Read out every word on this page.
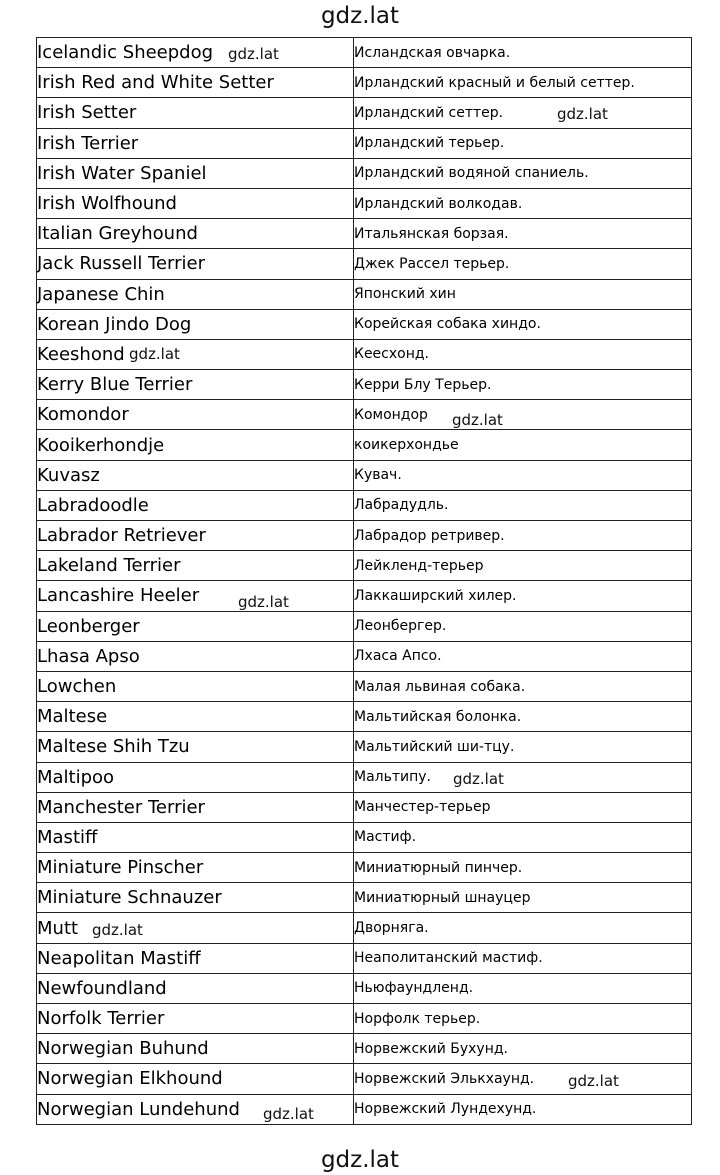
gdz.lat
Icelandic Sheepdog	Исландская овчарка.
Irish Red and White Setter	Ирландский красный и белый сеттер.
Irish Setter	Ирландский сеттер.
Irish Terrier	Ирландский терьер.
Irish Water Spaniel	Ирландский водяной спаниель.
Irish Wolfhound	Ирландский волкодав.
Italian Greyhound	Итальянская борзая.
Jack Russell Terrier	Джек Рассел терьер.
Japanese Chin	Японский хин
Korean Jindo Dog	Корейская собака хиндо.
Keeshond	Кеесхонд.
Kerry Blue Terrier	Керри Блу Терьер.
Komondor	Комондор
Kooikerhondje	коикерхондье
Kuvasz	Кувач.
Labradoodle	Лабрадудль.
Labrador Retriever	Лабрадор ретривер.
Lakeland Terrier	Лейкленд-терьер
Lancashire Heeler	Лаккаширский хилер.
Leonberger	Леонбергер.
Lhasa Apso	Лхаса Апсо.
Lowchen	Малая львиная собака.
Maltese	Мальтийская болонка.
Maltese Shih Tzu	Мальтийский ши-тцу.
Maltipoo	Мальтипу.
Manchester Terrier	Манчестер-терьер
Mastiff	Мастиф.
Miniature Pinscher	Миниатюрный пинчер.
Miniature Schnauzer	Миниатюрный шнауцер
Mutt	Дворняга.
Neapolitan Mastiff	Неаполитанский мастиф.
Newfoundland	Ньюфаундленд.
Norfolk Terrier	Норфолк терьер.
Norwegian Buhund	Норвежский Бухунд.
Norwegian Elkhound	Норвежский Элькхаунд.
Norwegian Lundehund	Норвежский Лундехунд.
gdz.lat
gdz.lat
gdz.lat
gdz.lat
gdz.lat
gdz.lat
gdz.lat
gdz.lat
gdz.lat
gdz.lat
